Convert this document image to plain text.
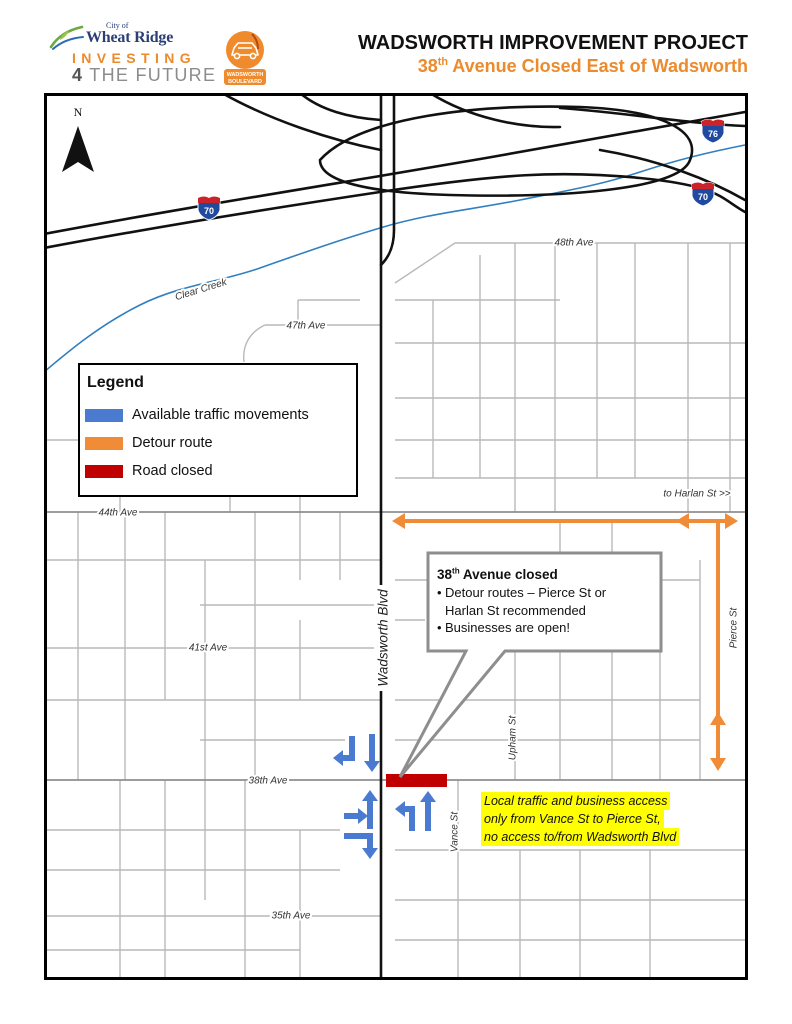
City of
Wheat Ridge
INVESTING
4 THE FUTURE WADSWORTH
BOULEVARD
WADSWORTH IMPROVEMENT PROJECT
38th Avenue Closed East of Wadsworth
70
76
70
48th Ave
47th Ave
44th Ave
41st Ave
38th Ave
35th Ave
Upham St
Vance St
Pierce St
Clear Creek
to Harlan St >>
Wadsworth Blvd
N
Legend
Available traffic movements
Detour route
Road closed
38th Avenue closed
• Detour routes – Pierce St or
Harlan St recommended
• Businesses are open!
Local traffic and business access
only from Vance St to Pierce St,
no access to/from Wadsworth Blvd
